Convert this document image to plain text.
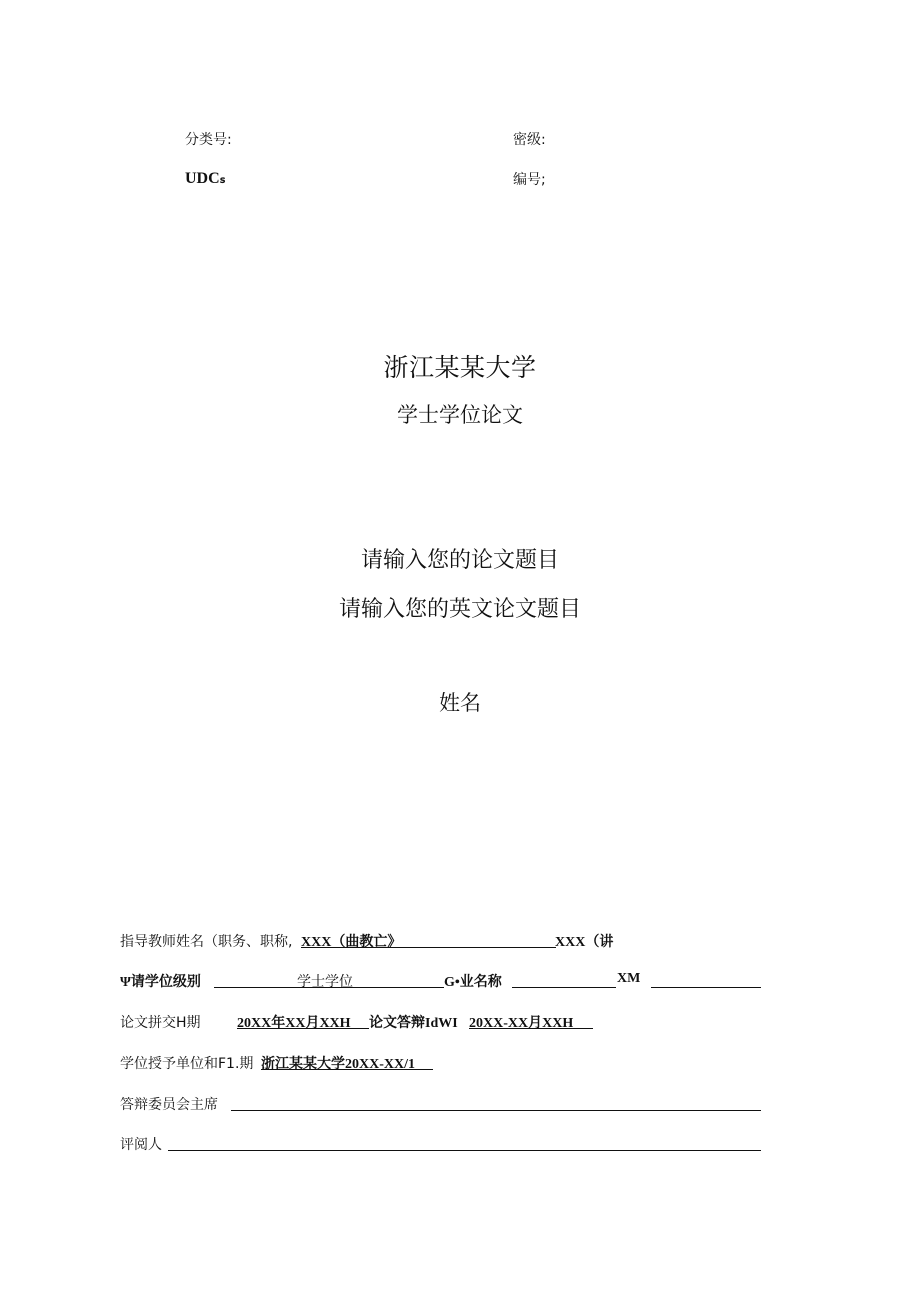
分类号:	密级:
UDCₛ	编号;
浙江某某大学
学士学位论文
请输入您的论文题目
请输入您的英文论文题目
姓名
指导教师姓名（职务、职称, XXX（曲教亡》	XXX（讲
Ψ请学位级别	学士学位	G•业名称	XM
论文拼交H期	20XX年XX月XXH 论文答辩IdWI 20XX-XX月XXH
学位授予单位和F1.期 浙江某某大学20XX-XX/1
答辩委员会主席
评阅人
